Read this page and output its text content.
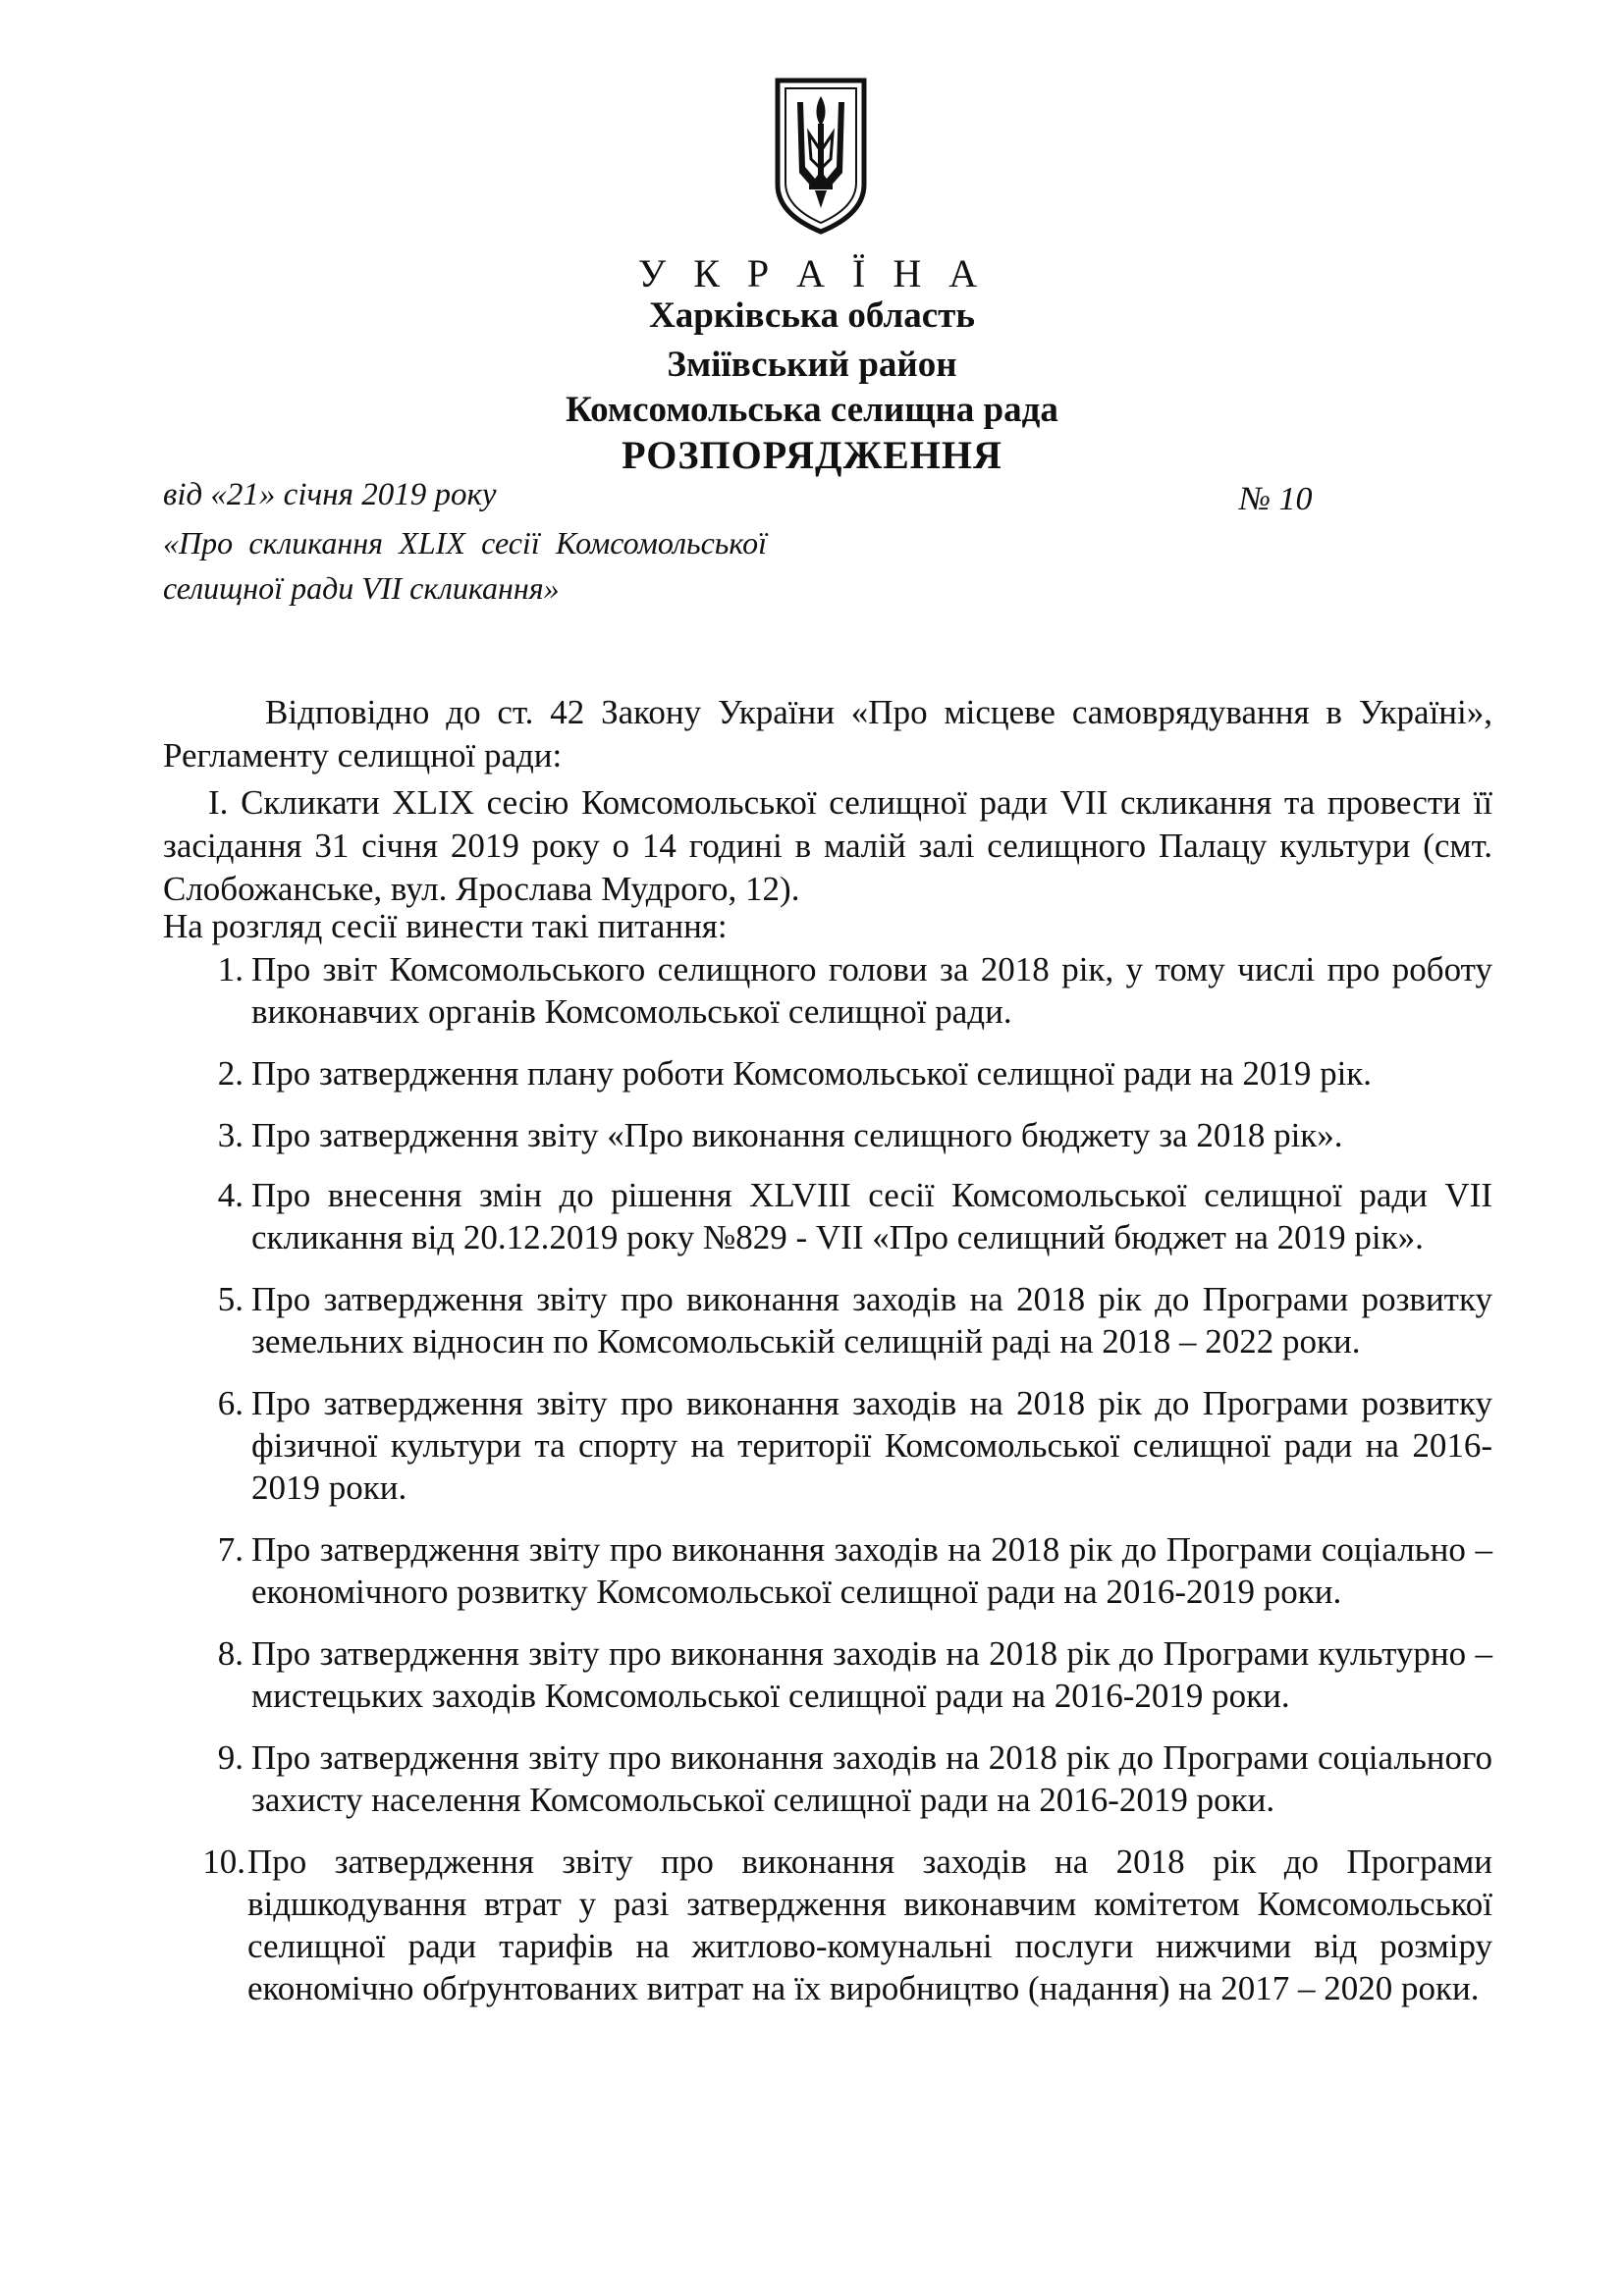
У К Р А Ї Н А
Харківська область
Зміївський район
Комсомольська селищна рада
РОЗПОРЯДЖЕННЯ
від «21» січня 2019 року	№ 10
«Про скликання XLIX сесії Комсомольської селищної ради VII скликання»
Відповідно до ст. 42 Закону України «Про місцеве самоврядування в Україні», Регламенту селищної ради:
І. Скликати XLIX сесію Комсомольської селищної ради VII скликання та провести її засідання 31 січня 2019 року о 14 годині в малій залі селищного Палацу культури (смт. Слобожанське, вул. Ярослава Мудрого, 12).
На розгляд сесії винести такі питання:
1. Про звіт Комсомольського селищного голови за 2018 рік, у тому числі про роботу виконавчих органів Комсомольської селищної ради.
2. Про затвердження плану роботи Комсомольської селищної ради на 2019 рік.
3. Про затвердження звіту «Про виконання селищного бюджету за 2018 рік».
4. Про внесення змін до рішення XLVIII сесії Комсомольської селищної ради VII скликання від 20.12.2019 року №829 - VII «Про селищний бюджет на 2019 рік».
5. Про затвердження звіту про виконання заходів на 2018 рік до Програми розвитку земельних відносин по Комсомольській селищній раді на 2018 – 2022 роки.
6. Про затвердження звіту про виконання заходів на 2018 рік до Програми розвитку фізичної культури та спорту на території Комсомольської селищної ради на 2016-2019 роки.
7. Про затвердження звіту про виконання заходів на 2018 рік до Програми соціально – економічного розвитку Комсомольської селищної ради на 2016-2019 роки.
8. Про затвердження звіту про виконання заходів на 2018 рік до Програми культурно – мистецьких заходів Комсомольської селищної ради на 2016-2019 роки.
9. Про затвердження звіту про виконання заходів на 2018 рік до Програми соціального захисту населення Комсомольської селищної ради на 2016-2019 роки.
10. Про затвердження звіту про виконання заходів на 2018 рік до Програми відшкодування втрат у разі затвердження виконавчим комітетом Комсомольської селищної ради тарифів на житлово-комунальні послуги нижчими від розміру економічно обґрунтованих витрат на їх виробництво (надання) на 2017 – 2020 роки.
